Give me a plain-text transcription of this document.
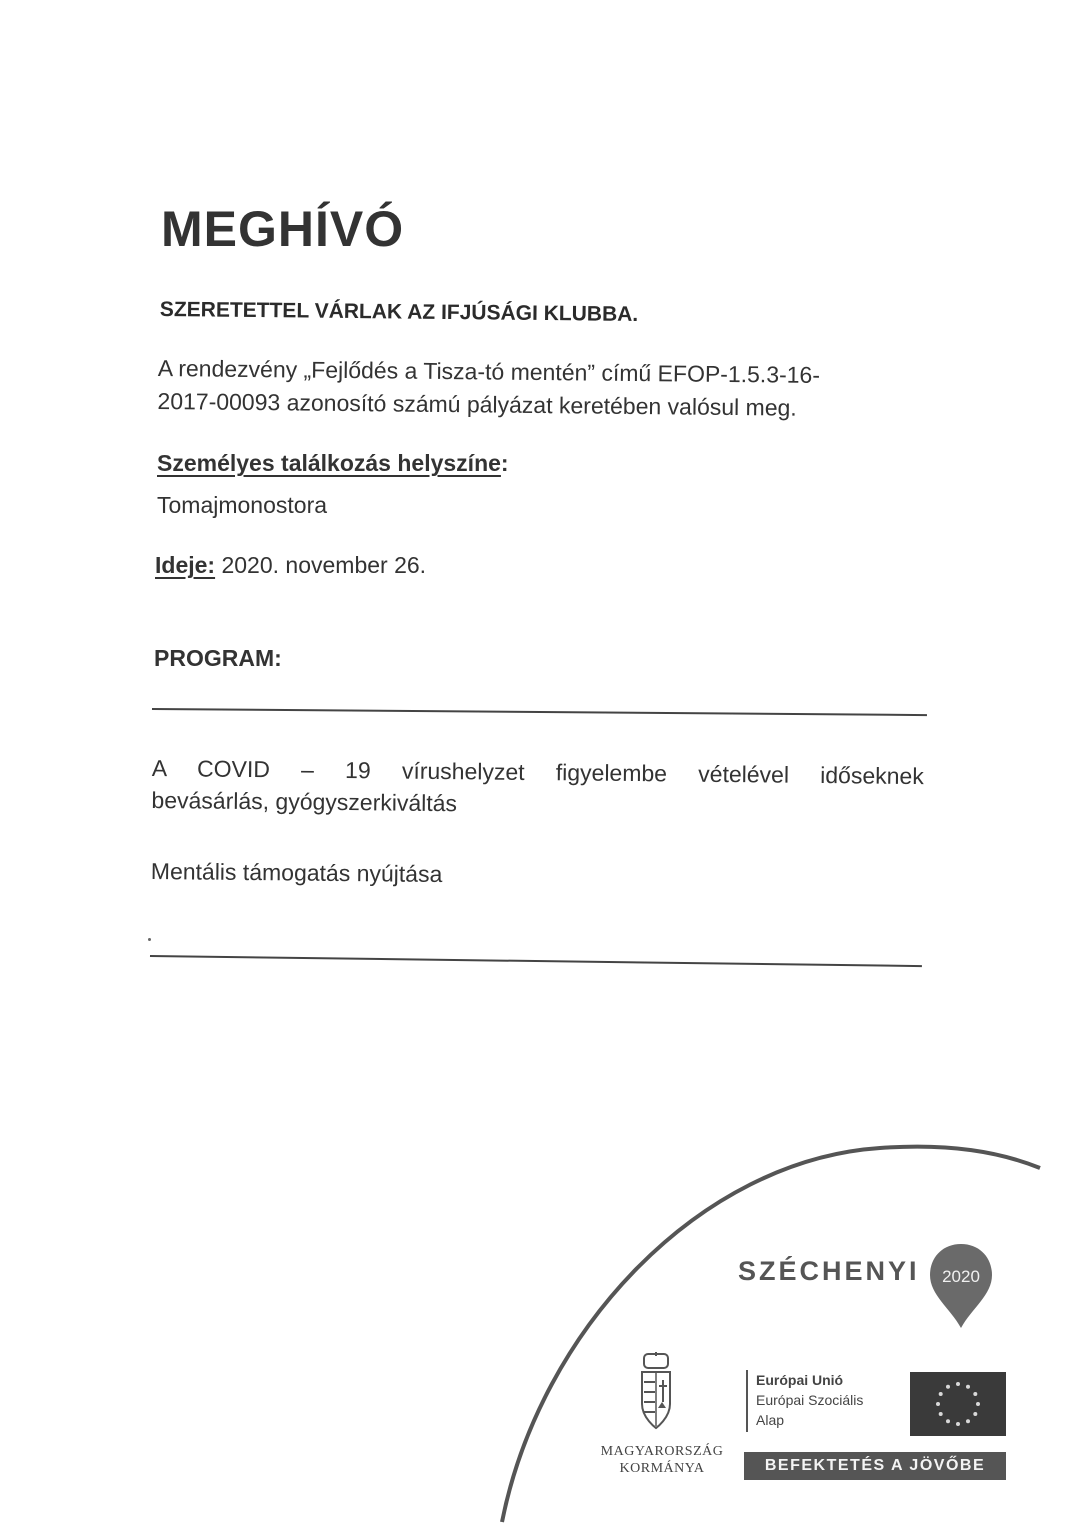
MEGHÍVÓ
SZERETETTEL VÁRLAK AZ IFJÚSÁGI KLUBBA.
A rendezvény „Fejlődés a Tisza-tó mentén” című EFOP-1.5.3-16-
2017-00093 azonosító számú pályázat keretében valósul meg.
Személyes találkozás helyszíne:
Tomajmonostora
Ideje: 2020. november 26.
PROGRAM:
A COVID – 19 vírushelyzet figyelembe vételével időseknek
bevásárlás, gyógyszerkiváltás
Mentális támogatás nyújtása
SZÉCHENYI 2020
MAGYARORSZÁG
KORMÁNYA
Európai Unió
Európai Szociális
Alap
BEFEKTETÉS A JÖVŐBE
